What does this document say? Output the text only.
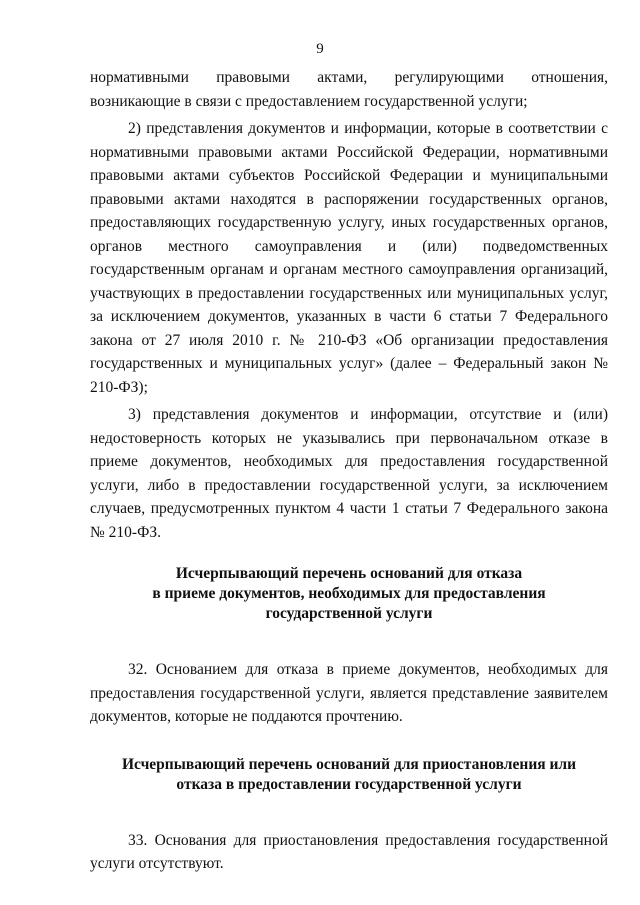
9

нормативными правовыми актами, регулирующими отношения, возникающие в связи с предоставлением государственной услуги;

2) представления документов и информации, которые в соответствии с нормативными правовыми актами Российской Федерации, нормативными правовыми актами субъектов Российской Федерации и муниципальными правовыми актами находятся в распоряжении государственных органов, предоставляющих государственную услугу, иных государственных органов, органов местного самоуправления и (или) подведомственных государственным органам и органам местного самоуправления организаций, участвующих в предоставлении государственных или муниципальных услуг, за исключением документов, указанных в части 6 статьи 7 Федерального закона от 27 июля 2010 г. № 210-ФЗ «Об организации предоставления государственных и муниципальных услуг» (далее – Федеральный закон № 210-ФЗ);

3) представления документов и информации, отсутствие и (или) недостоверность которых не указывались при первоначальном отказе в приеме документов, необходимых для предоставления государственной услуги, либо в предоставлении государственной услуги, за исключением случаев, предусмотренных пунктом 4 части 1 статьи 7 Федерального закона № 210-ФЗ.

Исчерпывающий перечень оснований для отказа
в приеме документов, необходимых для предоставления
государственной услуги

32. Основанием для отказа в приеме документов, необходимых для предоставления государственной услуги, является представление заявителем документов, которые не поддаются прочтению.

Исчерпывающий перечень оснований для приостановления или
отказа в предоставлении государственной услуги

33. Основания для приостановления предоставления государственной услуги отсутствуют.
